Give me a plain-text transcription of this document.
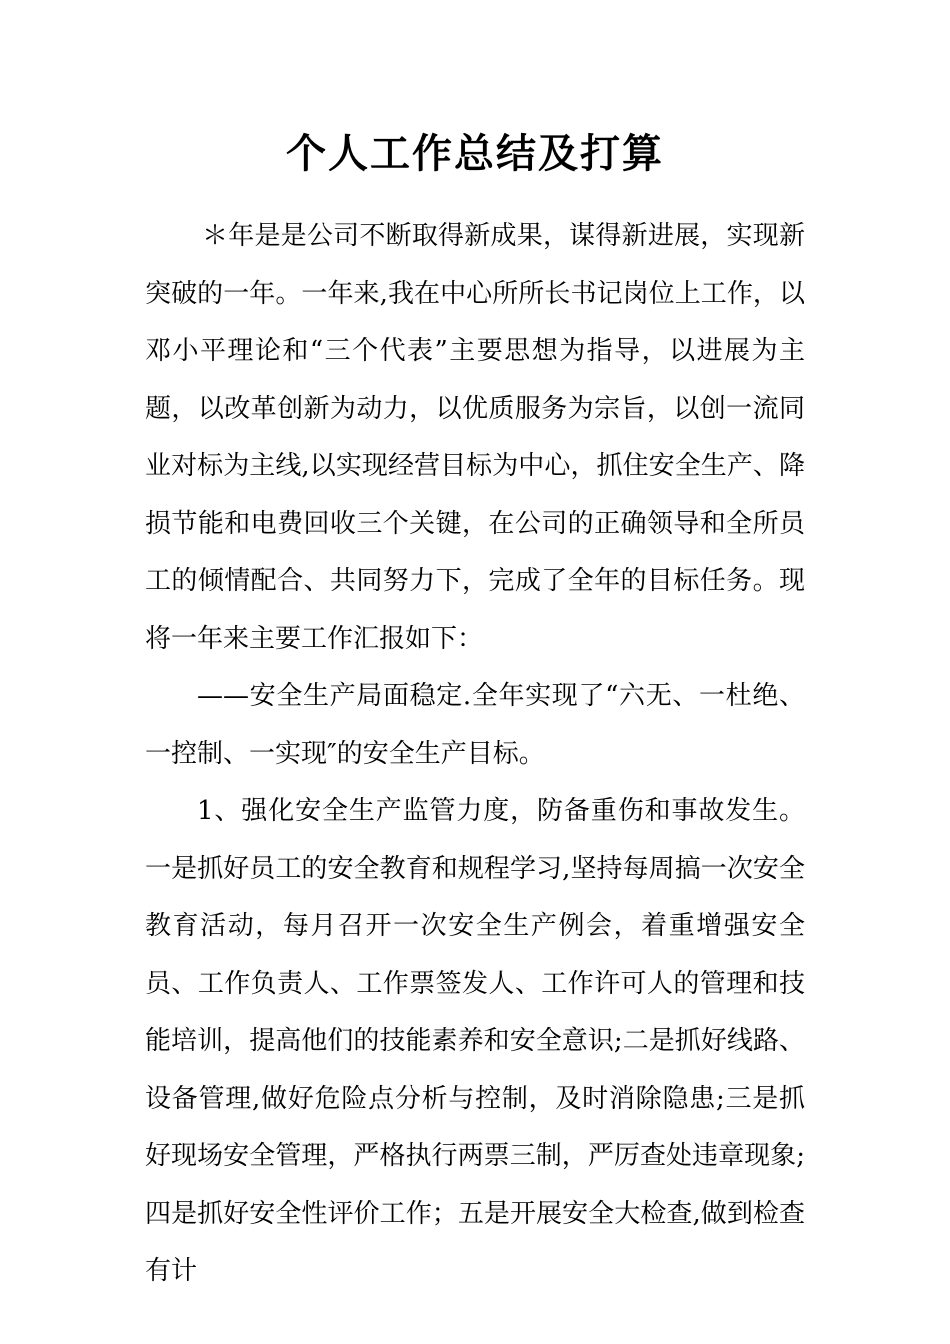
个人工作总结及打算

＊年是是公司不断取得新成果，谋得新进展，实现新突破的一年。一年来,我在中心所所长书记岗位上工作，以邓小平理论和“三个代表”主要思想为指导，以进展为主题，以改革创新为动力，以优质服务为宗旨，以创一流同业对标为主线,以实现经营目标为中心，抓住安全生产、降损节能和电费回收三个关键，在公司的正确领导和全所员工的倾情配合、共同努力下，完成了全年的目标任务。现将一年来主要工作汇报如下：

——安全生产局面稳定.全年实现了“六无、一杜绝、一控制、一实现″的安全生产目标。

1、强化安全生产监管力度，防备重伤和事故发生。一是抓好员工的安全教育和规程学习,坚持每周搞一次安全教育活动，每月召开一次安全生产例会，着重增强安全员、工作负责人、工作票签发人、工作许可人的管理和技能培训，提高他们的技能素养和安全意识;二是抓好线路、设备管理,做好危险点分析与控制，及时消除隐患;三是抓好现场安全管理，严格执行两票三制，严厉查处违章现象;四是抓好安全性评价工作；五是开展安全大检查,做到检查有计
